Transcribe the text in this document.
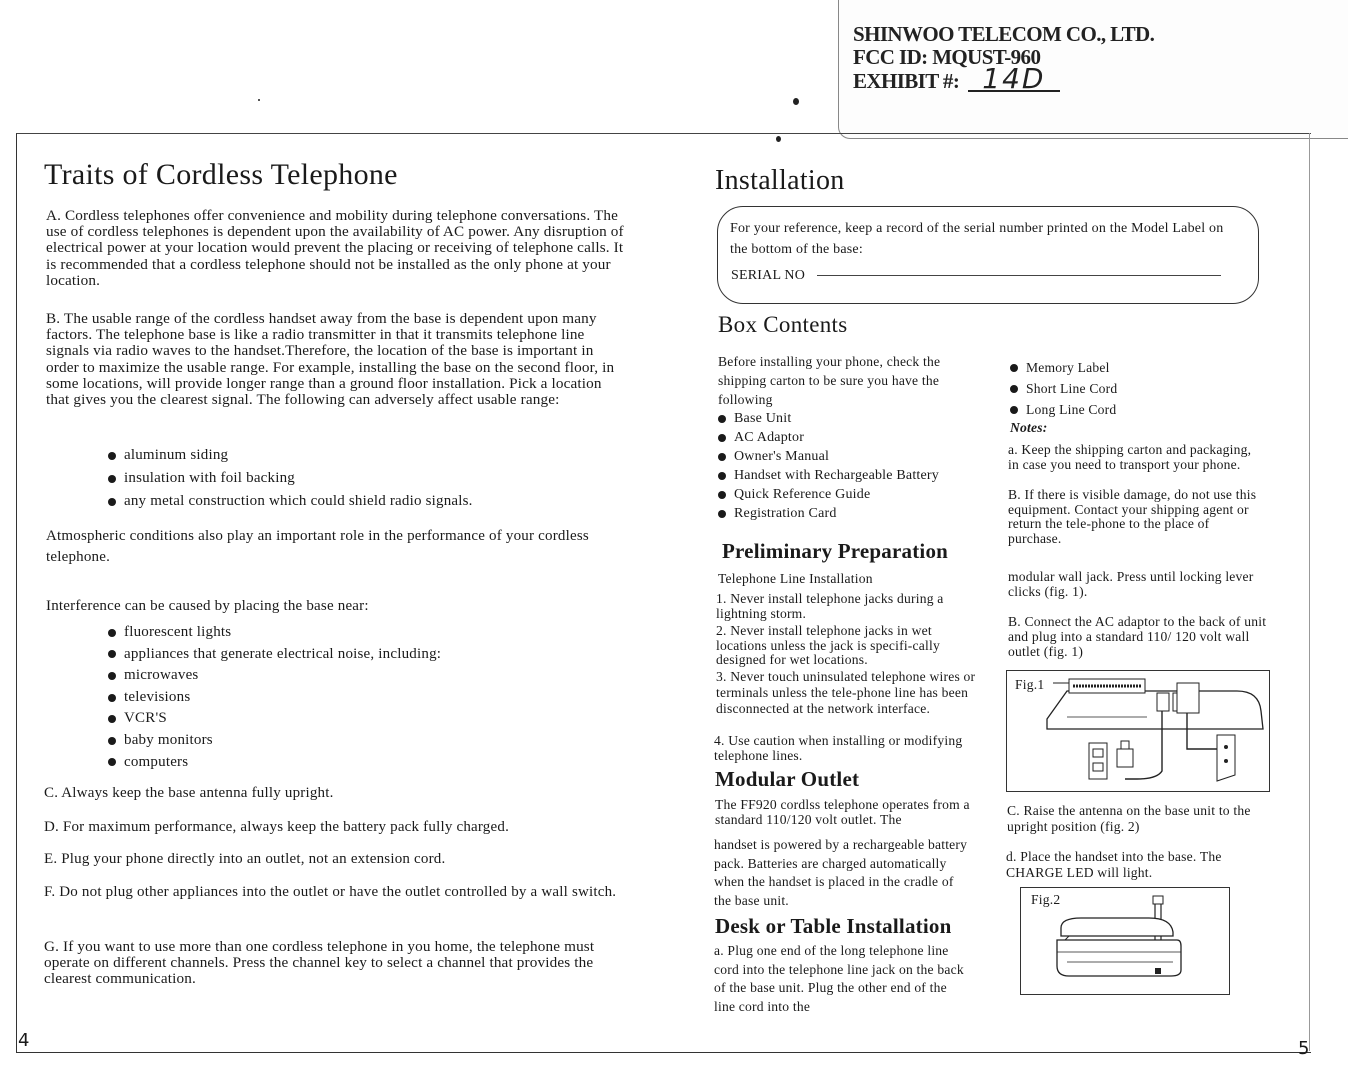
SHINWOO TELECOM CO., LTD.
FCC ID: MQUST-960
EXHIBIT #: 14D
Traits of Cordless Telephone

A. Cordless telephones offer convenience and mobility during telephone conversations. The use of cordless telephones is dependent upon the availability of AC power. Any disruption of electrical power at your location would prevent the placing or receiving of telephone calls. It is recommended that a cordless telephone should not be installed as the only phone at your location.

B. The usable range of the cordless handset away from the base is dependent upon many factors. The telephone base is like a radio transmitter in that it transmits telephone line signals via radio waves to the handset.Therefore, the location of the base is important in order to maximize the usable range. For example, installing the base on the second floor, in some locations, will provide longer range than a ground floor installation. Pick a location that gives you the clearest signal. The following can adversely affect usable range:

aluminum siding
insulation with foil backing
any metal construction which could shield radio signals.

Atmospheric conditions also play an important role in the performance of your cordless telephone.

Interference can be caused by placing the base near:

fluorescent lights
appliances that generate electrical noise, including:
microwaves
televisions
VCR'S
baby monitors
computers

C. Always keep the base antenna fully upright.

D. For maximum performance, always keep the battery pack fully charged.

E. Plug your phone directly into an outlet, not an extension cord.

F. Do not plug other appliances into the outlet or have the outlet controlled by a wall switch.

G. If you want to use more than one cordless telephone in you home, the telephone must operate on different channels. Press the channel key to select a channel that provides the clearest communication.

4
Installation

For your reference, keep a record of the serial number printed on the Model Label on the bottom of the base:

SERIAL NO
Box Contents

Before installing your phone, check the shipping carton to be sure you have the following

Base Unit
AC Adaptor
Owner's Manual
Handset with Rechargeable Battery
Quick Reference Guide
Registration Card
Memory Label
Short Line Cord
Long Line Cord
Notes:

a. Keep the shipping carton and packaging, in case you need to transport your phone.

B. If there is visible damage, do not use this equipment. Contact your shipping agent or return the tele-phone to the place of purchase.

Preliminary Preparation
Telephone Line Installation

1. Never install telephone jacks during a lightning storm.

2. Never install telephone jacks in wet locations unless the jack is specifi-cally designed for wet locations.

3. Never touch uninsulated telephone wires or terminals unless the tele-phone line has been disconnected at the network interface.

4. Use caution when installing or modifying telephone lines.

Modular Outlet

The FF920 cordlss telephone operates from a standard 110/120 volt outlet. The

handset is powered by a rechargeable battery pack. Batteries are charged automatically when the handset is placed in the cradle of the base unit.

Desk or Table Installation

a. Plug one end of the long telephone line cord into the telephone line jack on the back of the base unit. Plug the other end of the line cord into the

modular wall jack. Press until locking lever clicks (fig. 1).

B. Connect the AC adaptor to the back of unit and plug into a standard 110/ 120 volt wall outlet (fig. 1)

Fig.1

C. Raise the antenna on the base unit to the upright position (fig. 2)

d. Place the handset into the base. The CHARGE LED will light.

Fig.2
5
